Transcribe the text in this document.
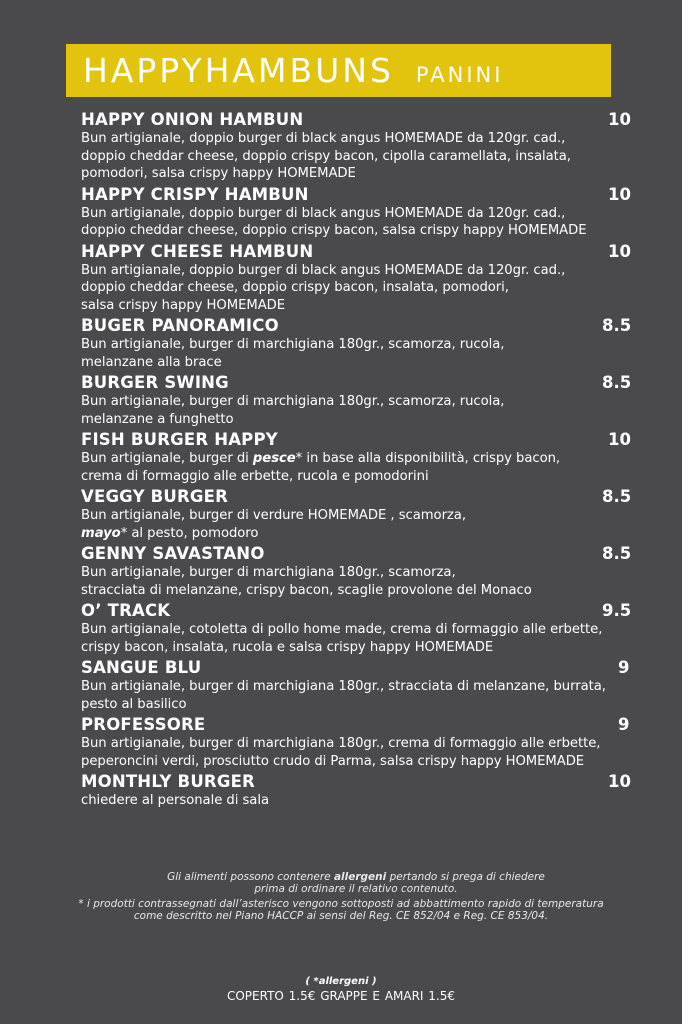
HAPPYHAMBUNS PANINI
HAPPY ONION HAMBUN	10
Bun artigianale, doppio burger di black angus HOMEMADE da 120gr. cad.,
doppio cheddar cheese, doppio crispy bacon, cipolla caramellata, insalata,
pomodori, salsa crispy happy HOMEMADE
HAPPY CRISPY HAMBUN	10
Bun artigianale, doppio burger di black angus HOMEMADE da 120gr. cad.,
doppio cheddar cheese, doppio crispy bacon, salsa crispy happy HOMEMADE
HAPPY CHEESE HAMBUN	10
Bun artigianale, doppio burger di black angus HOMEMADE da 120gr. cad.,
doppio cheddar cheese, doppio crispy bacon, insalata, pomodori,
salsa crispy happy HOMEMADE
BUGER PANORAMICO	8.5
Bun artigianale, burger di marchigiana 180gr., scamorza, rucola,
melanzane alla brace
BURGER SWING	8.5
Bun artigianale, burger di marchigiana 180gr., scamorza, rucola,
melanzane a funghetto
FISH BURGER HAPPY	10
Bun artigianale, burger di pesce* in base alla disponibilità, crispy bacon,
crema di formaggio alle erbette, rucola e pomodorini
VEGGY BURGER	8.5
Bun artigianale, burger di verdure HOMEMADE , scamorza,
mayo* al pesto, pomodoro
GENNY SAVASTANO	8.5
Bun artigianale, burger di marchigiana 180gr., scamorza,
stracciata di melanzane, crispy bacon, scaglie provolone del Monaco
O’ TRACK	9.5
Bun artigianale, cotoletta di pollo home made, crema di formaggio alle erbette,
crispy bacon, insalata, rucola e salsa crispy happy HOMEMADE
SANGUE BLU	9
Bun artigianale, burger di marchigiana 180gr., stracciata di melanzane, burrata,
pesto al basilico
PROFESSORE	9
Bun artigianale, burger di marchigiana 180gr., crema di formaggio alle erbette,
peperoncini verdi, prosciutto crudo di Parma, salsa crispy happy HOMEMADE
MONTHLY BURGER	10
chiedere al personale di sala
Gli alimenti possono contenere allergeni pertando si prega di chiedere
prima di ordinare il relativo contenuto.
* i prodotti contrassegnati dall’asterisco vengono sottoposti ad abbattimento rapido di temperatura
come descritto nel Piano HACCP ai sensi del Reg. CE 852/04 e Reg. CE 853/04.
( *allergeni )
COPERTO 1.5€ GRAPPE E AMARI 1.5€
